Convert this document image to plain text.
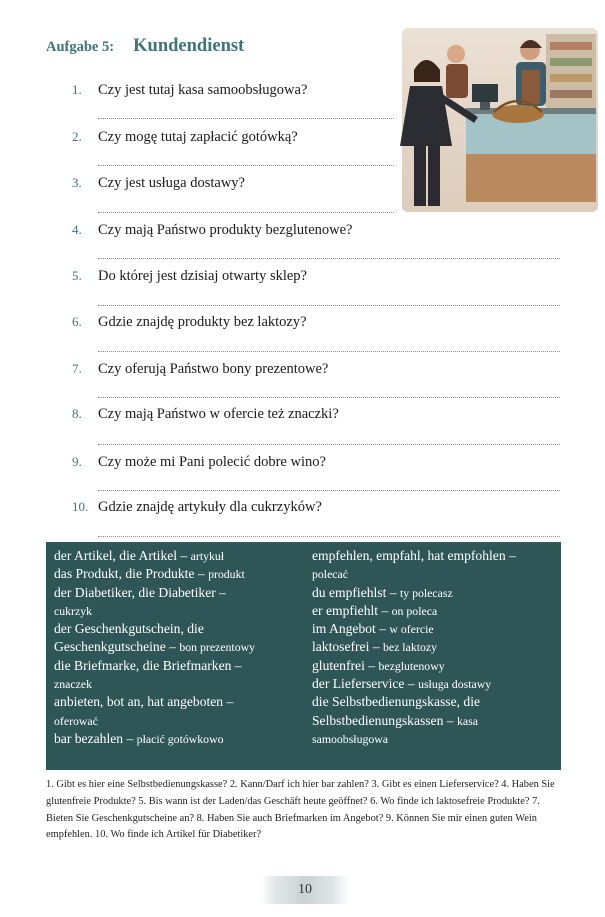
Aufgabe 5: Kundendienst
1. Czy jest tutaj kasa samoobsługowa?
2. Czy mogę tutaj zapłacić gotówką?
3. Czy jest usługa dostawy?
4. Czy mają Państwo produkty bezglutenowe?
5. Do której jest dzisiaj otwarty sklep?
6. Gdzie znajdę produkty bez laktozy?
7. Czy oferują Państwo bony prezentowe?
8. Czy mają Państwo w ofercie też znaczki?
9. Czy może mi Pani polecić dobre wino?
10. Gdzie znajdę artykuły dla cukrzyków?
der Artikel, die Artikel – artykuł
das Produkt, die Produkte – produkt
der Diabetiker, die Diabetiker –
cukrzyk
der Geschenkgutschein, die
Geschenkgutscheine – bon prezentowy
die Briefmarke, die Briefmarken –
znaczek
anbieten, bot an, hat angeboten –
oferować
bar bezahlen – płacić gotówkowo
empfehlen, empfahl, hat empfohlen –
polecać
du empfiehlst – ty polecasz
er empfiehlt – on poleca
im Angebot – w ofercie
laktosefrei – bez laktozy
glutenfrei – bezglutenowy
der Lieferservice – usługa dostawy
die Selbstbedienungskasse, die
Selbstbedienungskassen – kasa
samoobsługowa
1. Gibt es hier eine Selbstbedienungskasse? 2. Kann/Darf ich hier bar zahlen? 3. Gibt es einen Lieferservice? 4. Haben Sie glutenfreie Produkte? 5. Bis wann ist der Laden/das Geschäft heute geöffnet? 6. Wo finde ich laktosefreie Produkte? 7. Bieten Sie Geschenkgutscheine an? 8. Haben Sie auch Briefmarken im Angebot? 9. Können Sie mir einen guten Wein empfehlen. 10. Wo finde ich Artikel für Diabetiker?
10
